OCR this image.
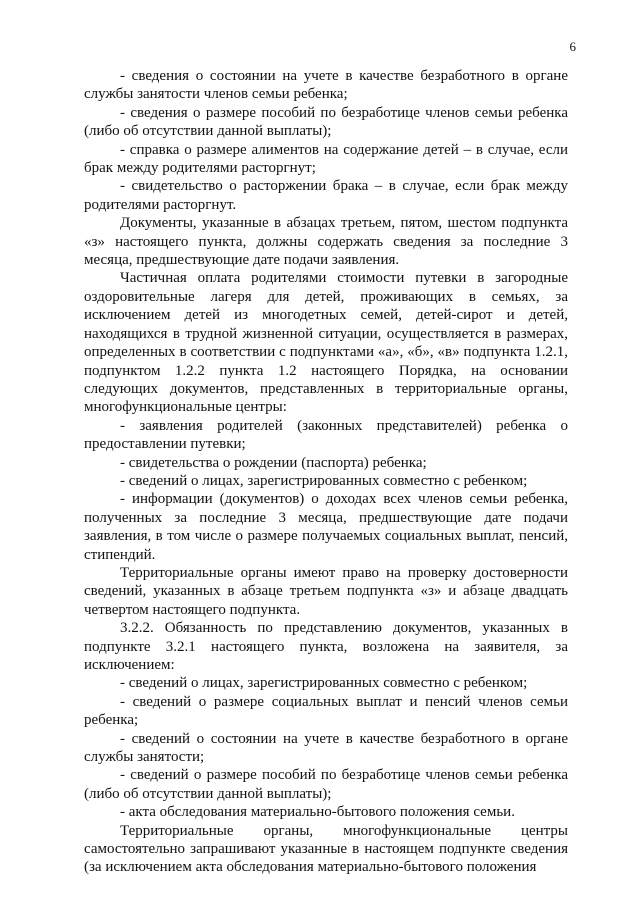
6

- сведения о состоянии на учете в качестве безработного в органе службы занятости членов семьи ребенка;

- сведения о размере пособий по безработице членов семьи ребенка (либо об отсутствии данной выплаты);

- справка о размере алиментов на содержание детей – в случае, если брак между родителями расторгнут;

- свидетельство о расторжении брака – в случае, если брак между родителями расторгнут.

Документы, указанные в абзацах третьем, пятом, шестом подпункта «з» настоящего пункта, должны содержать сведения за последние 3 месяца, предшествующие дате подачи заявления.

Частичная оплата родителями стоимости путевки в загородные оздоровительные лагеря для детей, проживающих в семьях, за исключением детей из многодетных семей, детей-сирот и детей, находящихся в трудной жизненной ситуации, осуществляется в размерах, определенных в соответствии с подпунктами «а», «б», «в» подпункта 1.2.1, подпунктом 1.2.2 пункта 1.2 настоящего Порядка, на основании следующих документов, представленных в территориальные органы, многофункциональные центры:

- заявления родителей (законных представителей) ребенка о предоставлении путевки;

- свидетельства о рождении (паспорта) ребенка;

- сведений о лицах, зарегистрированных совместно с ребенком;

- информации (документов) о доходах всех членов семьи ребенка, полученных за последние 3 месяца, предшествующие дате подачи заявления, в том числе о размере получаемых социальных выплат, пенсий, стипендий.

Территориальные органы имеют право на проверку достоверности сведений, указанных в абзаце третьем подпункта «з» и абзаце двадцать четвертом настоящего подпункта.

3.2.2. Обязанность по представлению документов, указанных в подпункте 3.2.1 настоящего пункта, возложена на заявителя, за исключением:

- сведений о лицах, зарегистрированных совместно с ребенком;

- сведений о размере социальных выплат и пенсий членов семьи ребенка;

- сведений о состоянии на учете в качестве безработного в органе службы занятости;

- сведений о размере пособий по безработице членов семьи ребенка (либо об отсутствии данной выплаты);

- акта обследования материально-бытового положения семьи.

Территориальные органы, многофункциональные центры самостоятельно запрашивают указанные в настоящем подпункте сведения (за исключением акта обследования материально-бытового положения
